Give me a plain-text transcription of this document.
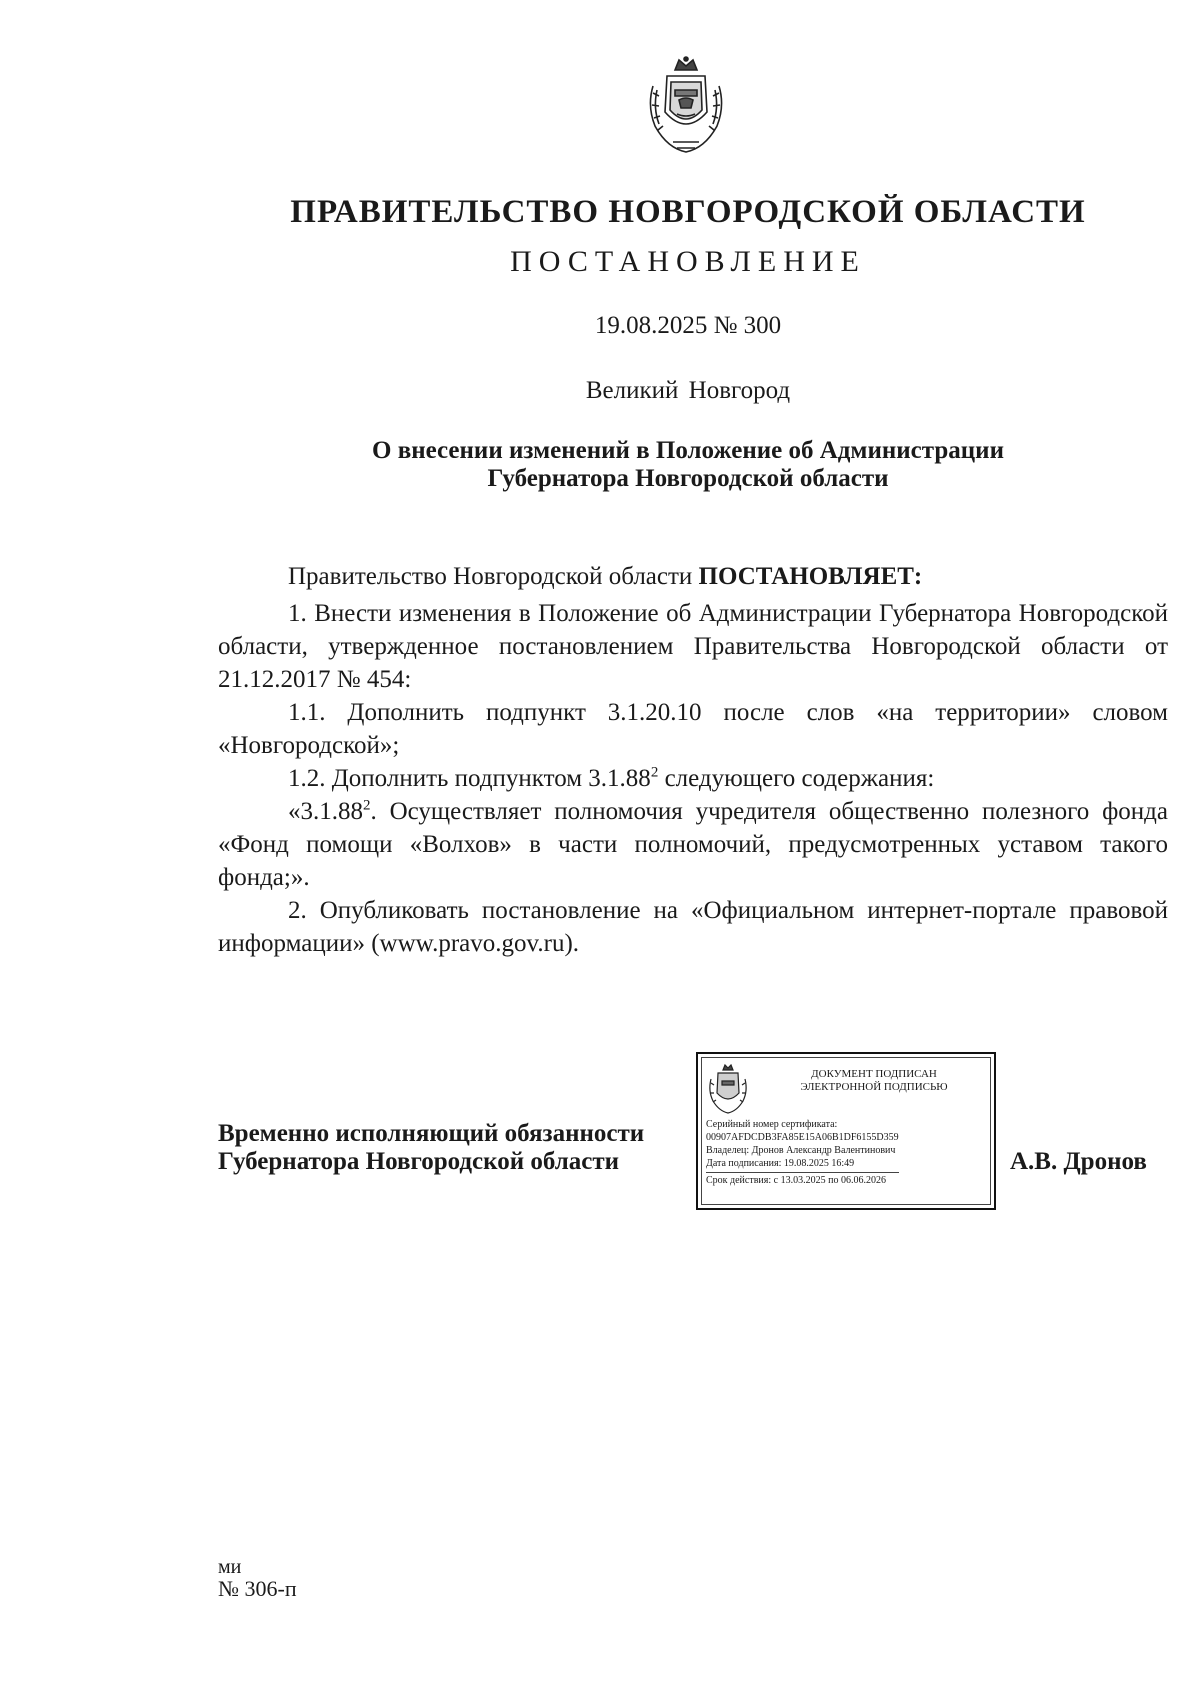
ПРАВИТЕЛЬСТВО НОВГОРОДСКОЙ ОБЛАСТИ
ПОСТАНОВЛЕНИЕ
19.08.2025 № 300
Великий Новгород
О внесении изменений в Положение об Администрации
Губернатора Новгородской области

Правительство Новгородской области ПОСТАНОВЛЯЕТ:

1. Внести изменения в Положение об Администрации Губернатора Новгородской области, утвержденное постановлением Правительства Новгородской области от 21.12.2017 № 454:

1.1. Дополнить подпункт 3.1.20.10 после слов «на территории» словом «Новгородской»;

1.2. Дополнить подпунктом 3.1.88$^2$ следующего содержания:

«3.1.88$^2$. Осуществляет полномочия учредителя общественно полезного фонда «Фонд помощи «Волхов» в части полномочий, предусмотренных уставом такого фонда;».

2. Опубликовать постановление на «Официальном интернет-портале правовой информации» (www.pravo.gov.ru).

Временно исполняющий обязанности
Губернатора Новгородской области
ДОКУМЕНТ ПОДПИСАН
ЭЛЕКТРОННОЙ ПОДПИСЬЮ
Серийный номер сертификата:
00907AFDCDB3FA85E15A06B1DF6155D359
Владелец: Дронов Александр Валентинович
Дата подписания: 19.08.2025 16:49
Срок действия: с 13.03.2025 по 06.06.2026
А.В. Дронов
ми
№ 306-п
